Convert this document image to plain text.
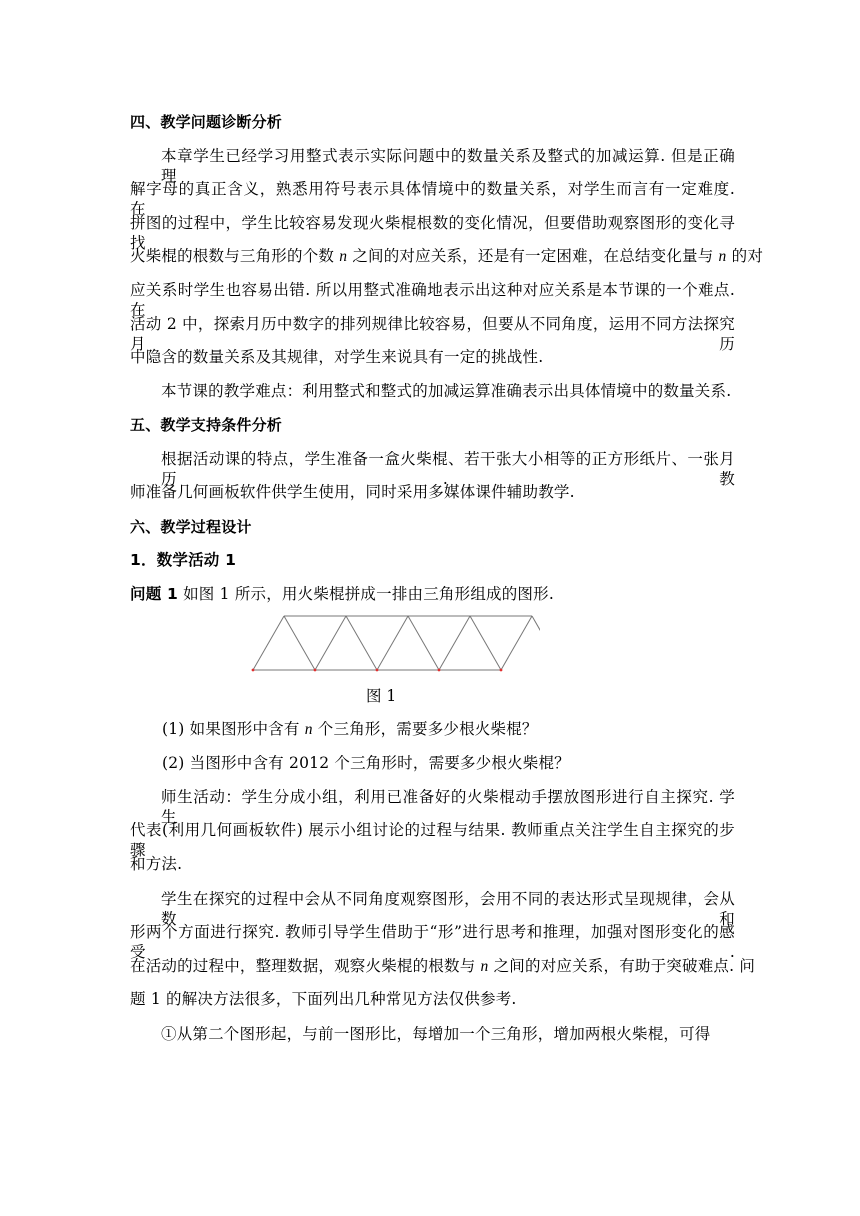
四、教学问题诊断分析
本章学生已经学习用整式表示实际问题中的数量关系及整式的加减运算. 但是正确理
解字母的真正含义，熟悉用符号表示具体情境中的数量关系，对学生而言有一定难度. 在
拼图的过程中，学生比较容易发现火柴棍根数的变化情况，但要借助观察图形的变化寻找
火柴棍的根数与三角形的个数 n 之间的对应关系，还是有一定困难，在总结变化量与 n 的对
应关系时学生也容易出错. 所以用整式准确地表示出这种对应关系是本节课的一个难点. 在
活动 2 中，探索月历中数字的排列规律比较容易，但要从不同角度，运用不同方法探究月历
中隐含的数量关系及其规律，对学生来说具有一定的挑战性.
本节课的教学难点：利用整式和整式的加减运算准确表示出具体情境中的数量关系.
五、教学支持条件分析
根据活动课的特点，学生准备一盒火柴棍、若干张大小相等的正方形纸片、一张月历. 教
师准备几何画板软件供学生使用，同时采用多媒体课件辅助教学.
六、教学过程设计
1．数学活动 1
问题 1 如图 1 所示，用火柴棍拼成一排由三角形组成的图形.
图 1
(1) 如果图形中含有 n 个三角形，需要多少根火柴棍？
(2) 当图形中含有 2012 个三角形时，需要多少根火柴棍？
师生活动：学生分成小组，利用已准备好的火柴棍动手摆放图形进行自主探究. 学生
代表(利用几何画板软件) 展示小组讨论的过程与结果. 教师重点关注学生自主探究的步骤
和方法.
学生在探究的过程中会从不同角度观察图形，会用不同的表达形式呈现规律，会从数和
形两个方面进行探究. 教师引导学生借助于“形”进行思考和推理，加强对图形变化的感受.
在活动的过程中，整理数据，观察火柴棍的根数与 n 之间的对应关系，有助于突破难点. 问
题 1 的解决方法很多，下面列出几种常见方法仅供参考.
①从第二个图形起，与前一图形比，每增加一个三角形，增加两根火柴棍，可得
